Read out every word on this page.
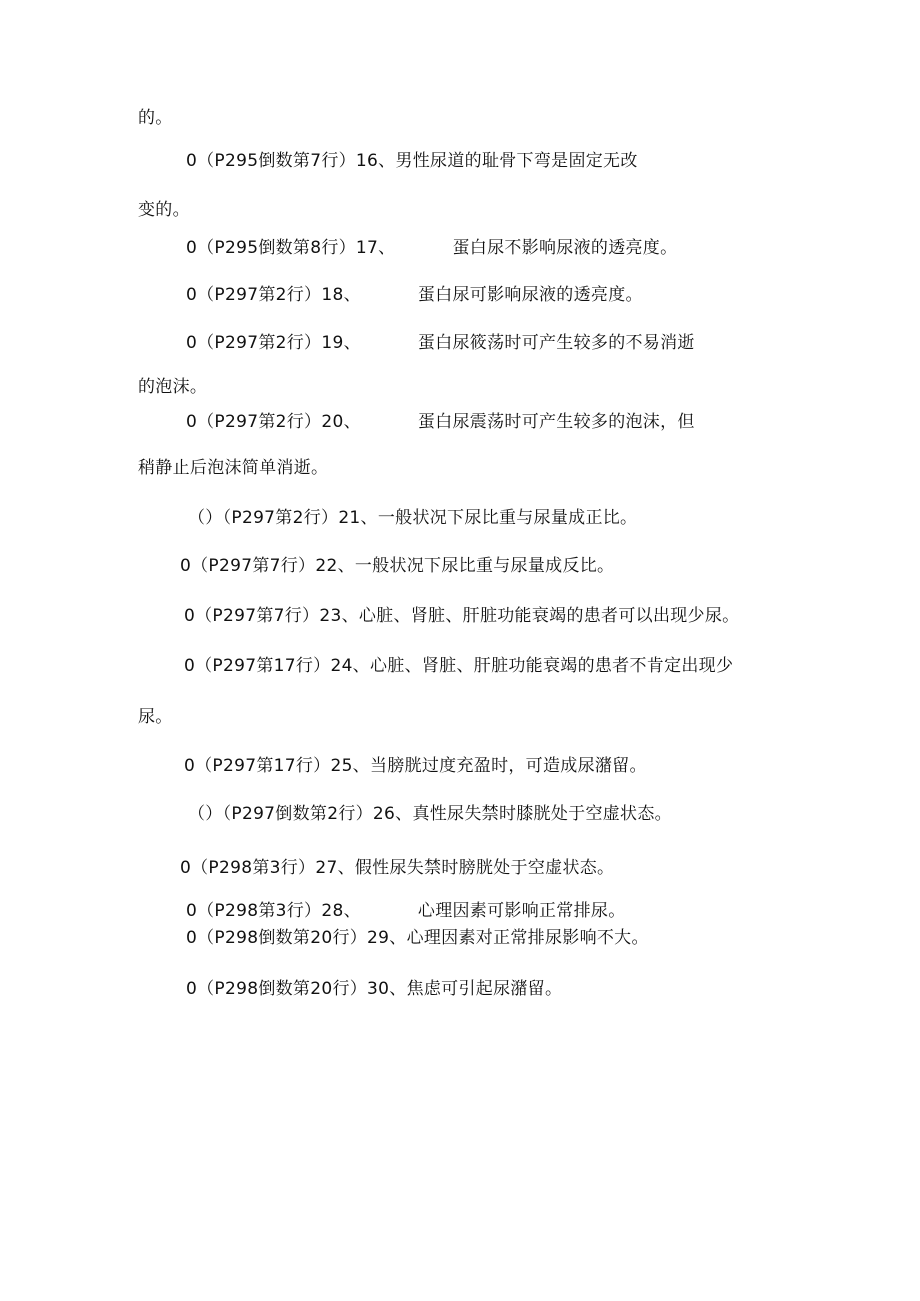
的。
0（P295倒数第7行）16、男性尿道的耻骨下弯是固定无改
变的。
0（P295倒数第8行）17、          蛋白尿不影响尿液的透亮度。
0（P297第2行）18、          蛋白尿可影响尿液的透亮度。
0（P297第2行）19、          蛋白尿筱荡时可产生较多的不易消逝
的泡沫。
0（P297第2行）20、          蛋白尿震荡时可产生较多的泡沫，但
稍静止后泡沫简单消逝。
（）（P297第2行）21、一般状况下尿比重与尿量成正比。
0（P297第7行）22、一般状况下尿比重与尿量成反比。
0（P297第7行）23、心脏、肾脏、肝脏功能衰竭的患者可以出现少尿。
0（P297第17行）24、心脏、肾脏、肝脏功能衰竭的患者不肯定出现少
尿。
0（P297第17行）25、当膀胱过度充盈时，可造成尿潴留。
（）（P297倒数第2行）26、真性尿失禁时膝胱处于空虚状态。
0（P298第3行）27、假性尿失禁时膀胱处于空虚状态。
0（P298第3行）28、          心理因素可影响正常排尿。
0（P298倒数第20行）29、心理因素对正常排尿影响不大。
0（P298倒数第20行）30、焦虑可引起尿潴留。
